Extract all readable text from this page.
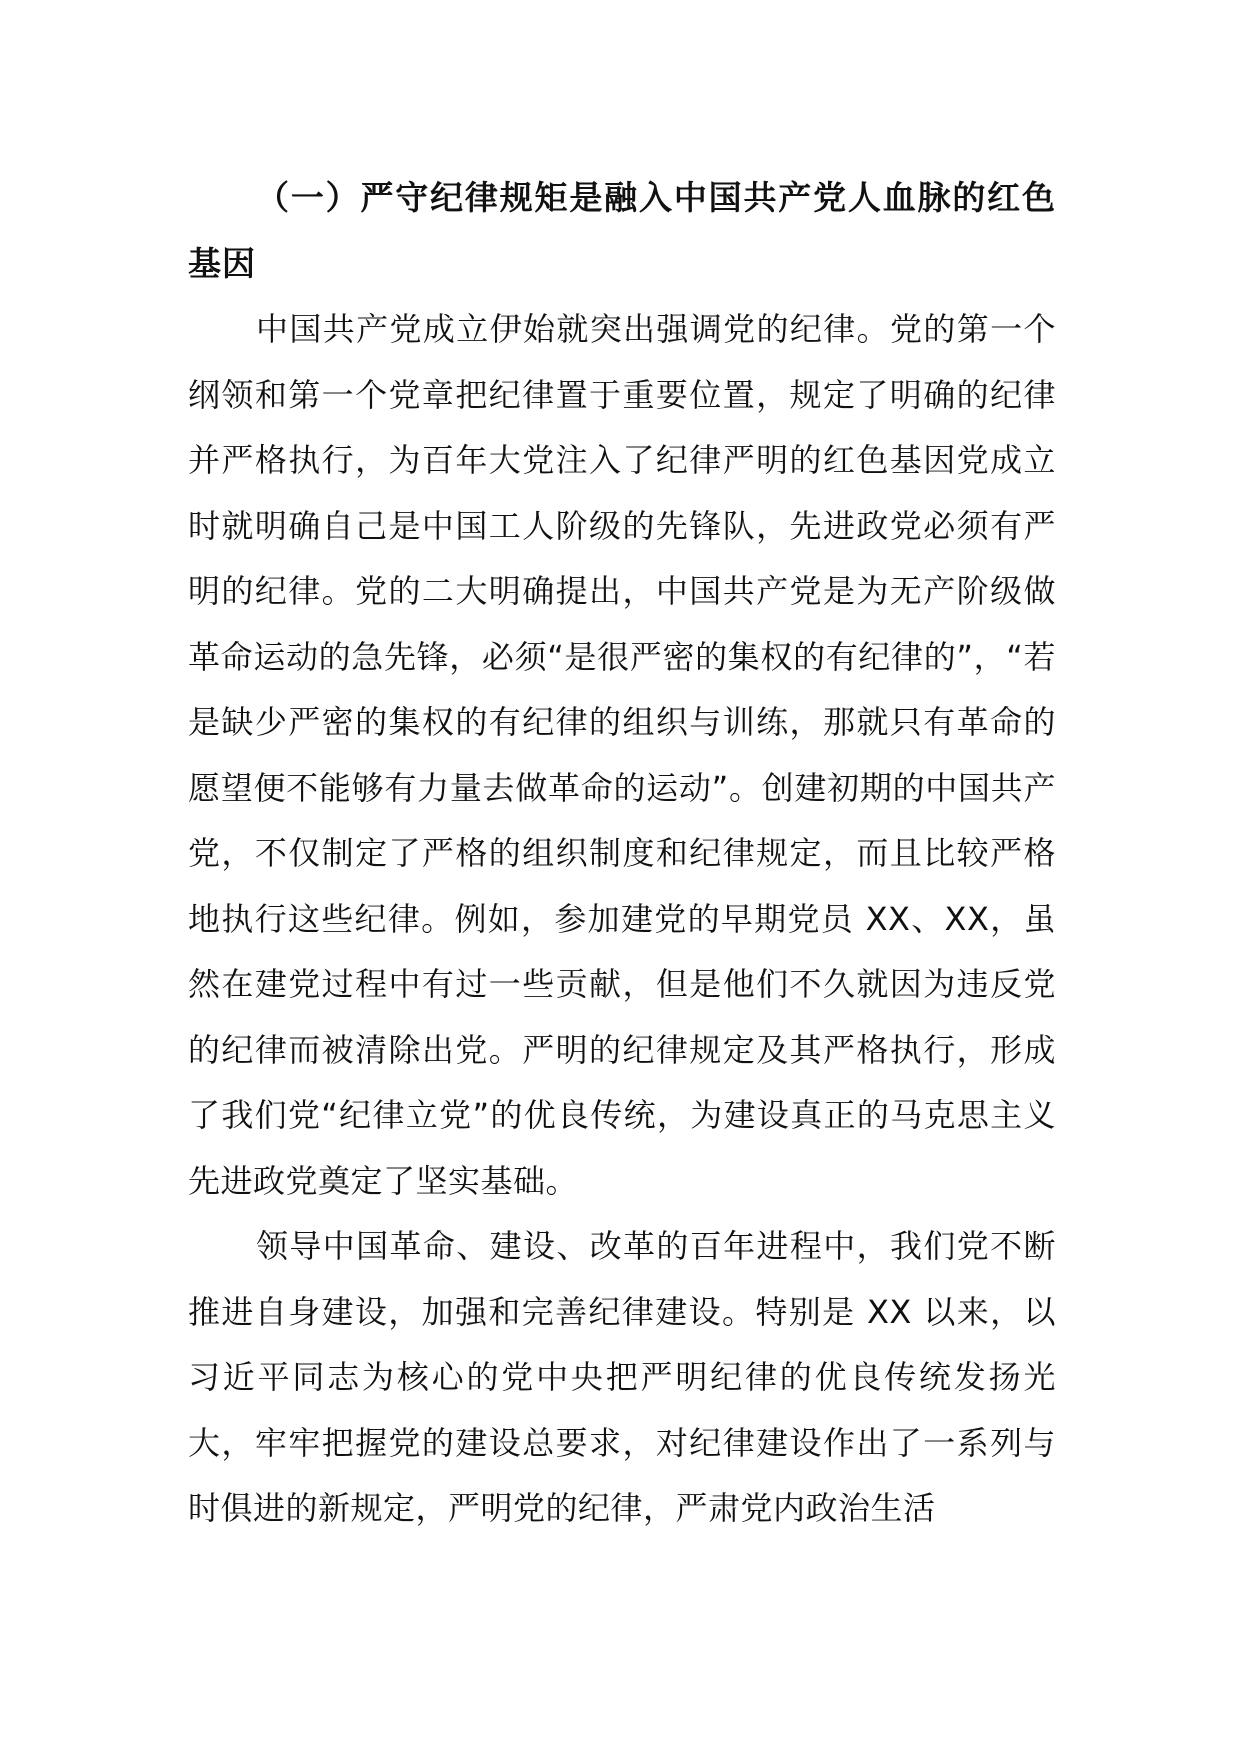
（一）严守纪律规矩是融入中国共产党人血脉的红色基因

中国共产党成立伊始就突出强调党的纪律。党的第一个纲领和第一个党章把纪律置于重要位置，规定了明确的纪律并严格执行，为百年大党注入了纪律严明的红色基因党成立时就明确自己是中国工人阶级的先锋队，先进政党必须有严明的纪律。党的二大明确提出，中国共产党是为无产阶级做革命运动的急先锋，必须“是很严密的集权的有纪律的”，“若是缺少严密的集权的有纪律的组织与训练，那就只有革命的愿望便不能够有力量去做革命的运动”。创建初期的中国共产党，不仅制定了严格的组织制度和纪律规定，而且比较严格地执行这些纪律。例如，参加建党的早期党员 XX、XX，虽然在建党过程中有过一些贡献，但是他们不久就因为违反党的纪律而被清除出党。严明的纪律规定及其严格执行，形成了我们党“纪律立党”的优良传统，为建设真正的马克思主义先进政党奠定了坚实基础。

领导中国革命、建设、改革的百年进程中，我们党不断推进自身建设，加强和完善纪律建设。特别是 XX 以来，以习近平同志为核心的党中央把严明纪律的优良传统发扬光大，牢牢把握党的建设总要求，对纪律建设作出了一系列与时俱进的新规定，严明党的纪律，严肃党内政治生活
